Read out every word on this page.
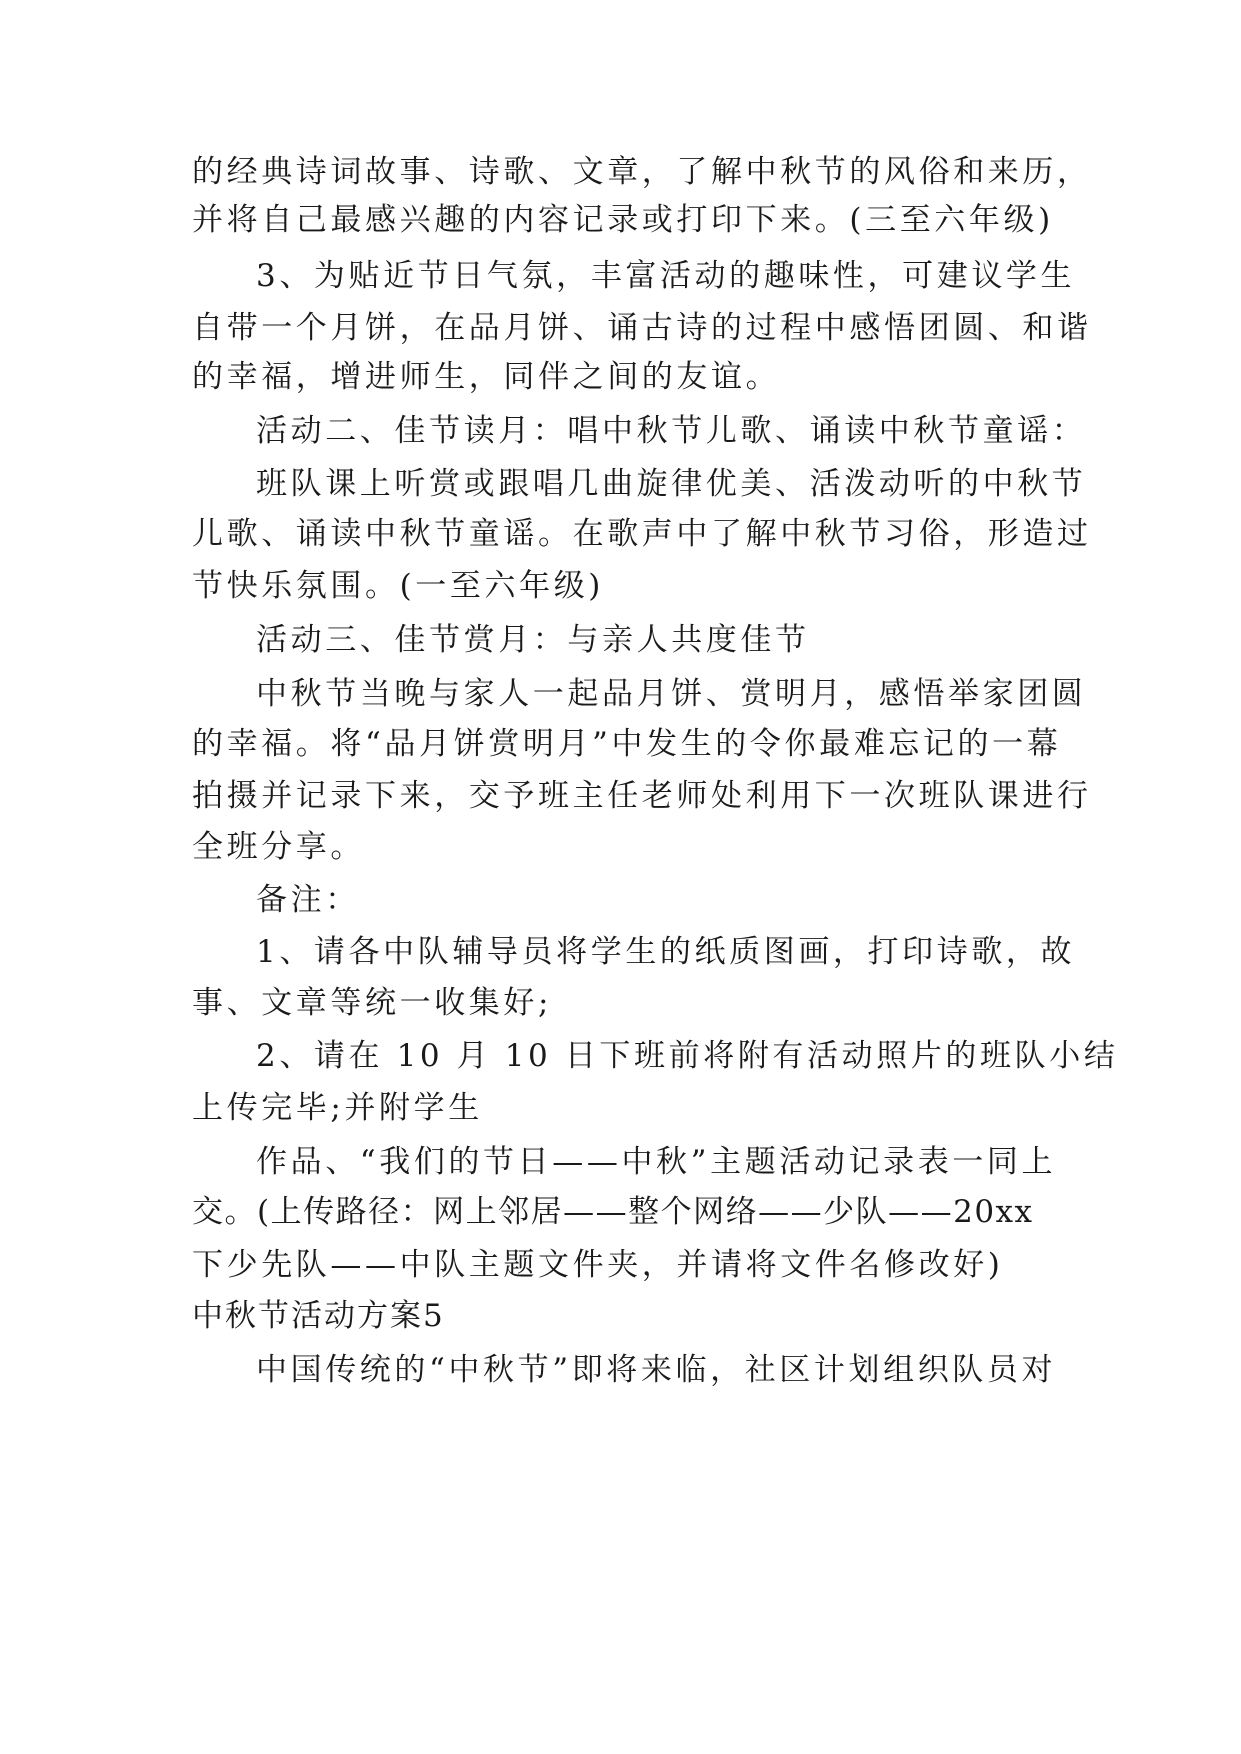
的经典诗词故事、诗歌、文章，了解中秋节的风俗和来历，
并将自己最感兴趣的内容记录或打印下来。(三至六年级)
3、为贴近节日气氛，丰富活动的趣味性，可建议学生
自带一个月饼，在品月饼、诵古诗的过程中感悟团圆、和谐
的幸福，增进师生，同伴之间的友谊。
活动二、佳节读月：唱中秋节儿歌、诵读中秋节童谣：
班队课上听赏或跟唱几曲旋律优美、活泼动听的中秋节
儿歌、诵读中秋节童谣。在歌声中了解中秋节习俗，形造过
节快乐氛围。(一至六年级)
活动三、佳节赏月：与亲人共度佳节
中秋节当晚与家人一起品月饼、赏明月，感悟举家团圆
的幸福。将“品月饼赏明月”中发生的令你最难忘记的一幕
拍摄并记录下来，交予班主任老师处利用下一次班队课进行
全班分享。
备注：
1、请各中队辅导员将学生的纸质图画，打印诗歌，故
事、文章等统一收集好;
2、请在 10 月 10 日下班前将附有活动照片的班队小结
上传完毕;并附学生
作品、“我们的节日——中秋”主题活动记录表一同上
交。(上传路径：网上邻居——整个网络——少队——20xx
下少先队——中队主题文件夹，并请将文件名修改好)
中秋节活动方案5
中国传统的“中秋节”即将来临，社区计划组织队员对
